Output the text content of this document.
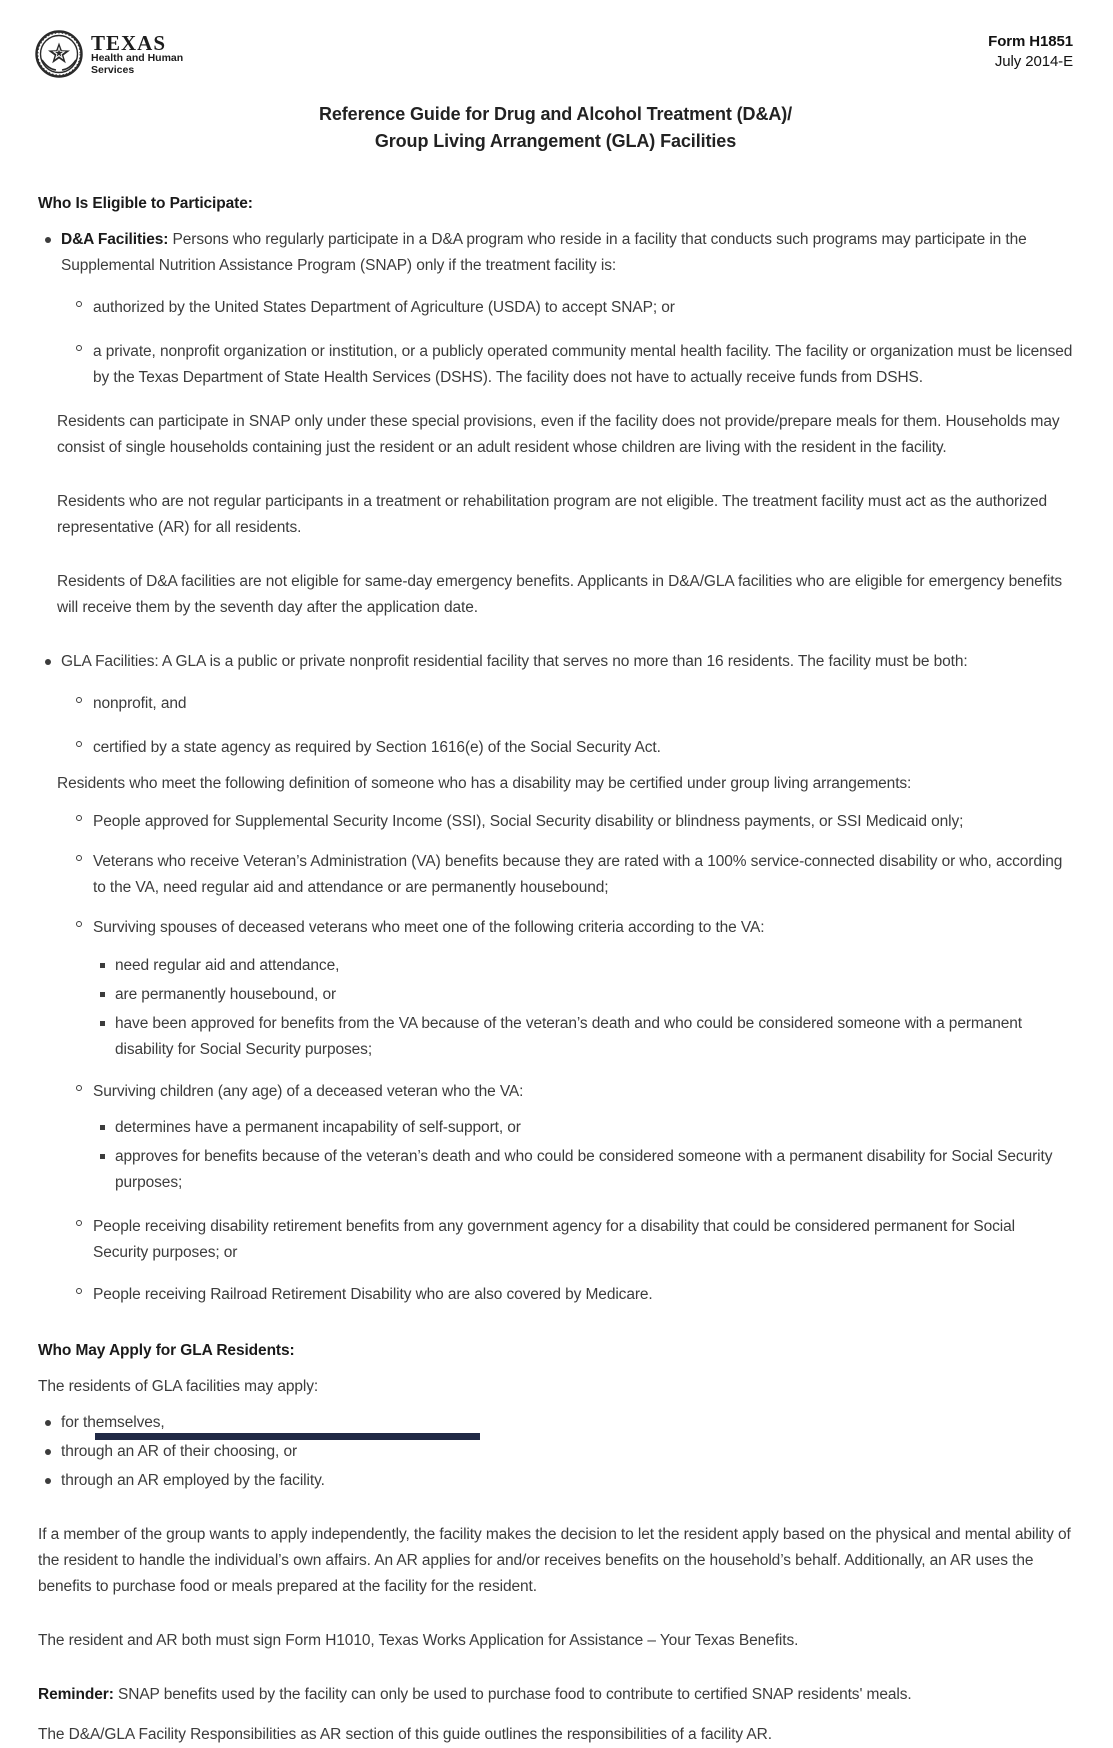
TEXAS
Health and Human
Services
Form H1851
July 2014-E
Reference Guide for Drug and Alcohol Treatment (D&A)/
Group Living Arrangement (GLA) Facilities
Who Is Eligible to Participate:

D&A Facilities: Persons who regularly participate in a D&A program who reside in a facility that conducts such programs may participate in the Supplemental Nutrition Assistance Program (SNAP) only if the treatment facility is:

authorized by the United States Department of Agriculture (USDA) to accept SNAP; or

a private, nonprofit organization or institution, or a publicly operated community mental health facility. The facility or organization must be licensed by the Texas Department of State Health Services (DSHS). The facility does not have to actually receive funds from DSHS.

Residents can participate in SNAP only under these special provisions, even if the facility does not provide/prepare meals for them. Households may consist of single households containing just the resident or an adult resident whose children are living with the resident in the facility.

Residents who are not regular participants in a treatment or rehabilitation program are not eligible. The treatment facility must act as the authorized representative (AR) for all residents.

Residents of D&A facilities are not eligible for same-day emergency benefits. Applicants in D&A/GLA facilities who are eligible for emergency benefits will receive them by the seventh day after the application date.

GLA Facilities: A GLA is a public or private nonprofit residential facility that serves no more than 16 residents. The facility must be both:

nonprofit, and

certified by a state agency as required by Section 1616(e) of the Social Security Act.

Residents who meet the following definition of someone who has a disability may be certified under group living arrangements:

People approved for Supplemental Security Income (SSI), Social Security disability or blindness payments, or SSI Medicaid only;

Veterans who receive Veteran’s Administration (VA) benefits because they are rated with a 100% service-connected disability or who, according to the VA, need regular aid and attendance or are permanently housebound;

Surviving spouses of deceased veterans who meet one of the following criteria according to the VA:

need regular aid and attendance,

are permanently housebound, or

have been approved for benefits from the VA because of the veteran’s death and who could be considered someone with a permanent disability for Social Security purposes;

Surviving children (any age) of a deceased veteran who the VA:

determines have a permanent incapability of self-support, or

approves for benefits because of the veteran’s death and who could be considered someone with a permanent disability for Social Security purposes;

People receiving disability retirement benefits from any government agency for a disability that could be considered permanent for Social Security purposes; or

People receiving Railroad Retirement Disability who are also covered by Medicare.

Who May Apply for GLA Residents:

The residents of GLA facilities may apply:

for themselves,

through an AR of their choosing, or

through an AR employed by the facility.

If a member of the group wants to apply independently, the facility makes the decision to let the resident apply based on the physical and mental ability of the resident to handle the individual’s own affairs. An AR applies for and/or receives benefits on the household’s behalf. Additionally, an AR uses the benefits to purchase food or meals prepared at the facility for the resident.

The resident and AR both must sign Form H1010, Texas Works Application for Assistance – Your Texas Benefits.

Reminder: SNAP benefits used by the facility can only be used to purchase food to contribute to certified SNAP residents' meals.

The D&A/GLA Facility Responsibilities as AR section of this guide outlines the responsibilities of a facility AR.
